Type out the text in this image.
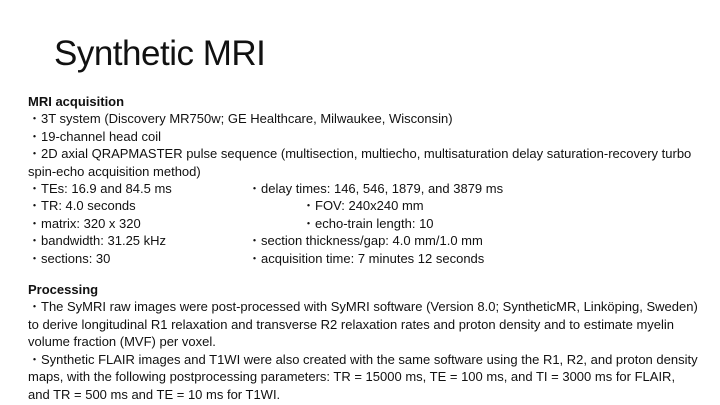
Synthetic MRI
MRI acquisition
・3T system (Discovery MR750w; GE Healthcare, Milwaukee, Wisconsin)
・19-channel head coil
・2D axial QRAPMASTER pulse sequence (multisection, multiecho, multisaturation delay saturation-recovery turbo spin-echo acquisition method)
・TEs: 16.9 and 84.5 ms	・delay times: 146, 546, 1879, and 3879 ms
・TR: 4.0 seconds	・FOV: 240x240 mm
・matrix: 320 x 320	・echo-train length: 10
・bandwidth: 31.25 kHz	・section thickness/gap: 4.0 mm/1.0 mm
・sections: 30	・acquisition time: 7 minutes 12 seconds
Processing
・The SyMRI raw images were post-processed with SyMRI software (Version 8.0; SyntheticMR, Linköping, Sweden) to derive longitudinal R1 relaxation and transverse R2 relaxation rates and proton density and to estimate myelin volume fraction (MVF) per voxel.
・Synthetic FLAIR images and T1WI were also created with the same software using the R1, R2, and proton density maps, with the following postprocessing parameters: TR = 15000 ms, TE = 100 ms, and TI = 3000 ms for FLAIR, and TR = 500 ms and TE = 10 ms for T1WI.
